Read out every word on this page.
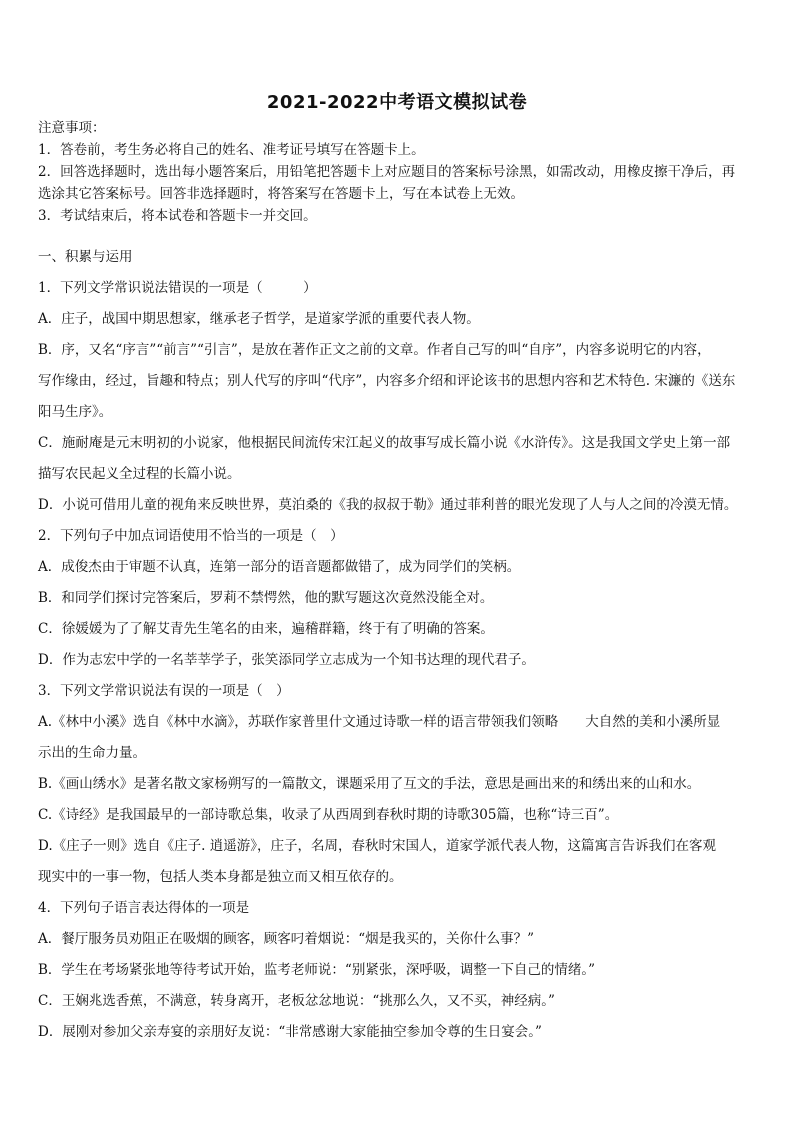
2021-2022中考语文模拟试卷
注意事项：
1．答卷前，考生务必将自己的姓名、准考证号填写在答题卡上。
2．回答选择题时，选出每小题答案后，用铅笔把答题卡上对应题目的答案标号涂黑，如需改动，用橡皮擦干净后，再
选涂其它答案标号。回答非选择题时，将答案写在答题卡上，写在本试卷上无效。
3．考试结束后，将本试卷和答题卡一并交回。
一、积累与运用
1．下列文学常识说法错误的一项是（　　　）
A．庄子，战国中期思想家，继承老子哲学，是道家学派的重要代表人物。
B．序，又名“序言”“前言”“引言”，是放在著作正文之前的文章。作者自己写的叫“自序”，内容多说明它的内容，
写作缘由，经过，旨趣和特点；别人代写的序叫“代序”，内容多介绍和评论该书的思想内容和艺术特色. 宋濂的《送东
阳马生序》。
C．施耐庵是元末明初的小说家，他根据民间流传宋江起义的故事写成长篇小说《水浒传》。这是我国文学史上第一部
描写农民起义全过程的长篇小说。
D．小说可借用儿童的视角来反映世界，莫泊桑的《我的叔叔于勒》通过菲利普的眼光发现了人与人之间的冷漠无情。
2．下列句子中加点词语使用不恰当的一项是（　）
A．成俊杰由于审题不认真，连第一部分的语音题都做错了，成为同学们的笑柄。
B．和同学们探讨完答案后，罗莉不禁愕然，他的默写题这次竟然没能全对。
C．徐媛媛为了了解艾青先生笔名的由来，遍稽群籍，终于有了明确的答案。
D．作为志宏中学的一名莘莘学子，张笑添同学立志成为一个知书达理的现代君子。
3．下列文学常识说法有误的一项是（　）
A.《林中小溪》选自《林中水滴》，苏联作家普里什文通过诗歌一样的语言带领我们领略　　大自然的美和小溪所显
示出的生命力量。
B.《画山绣水》是著名散文家杨朔写的一篇散文，课题采用了互文的手法，意思是画出来的和绣出来的山和水。
C.《诗经》是我国最早的一部诗歌总集，收录了从西周到春秋时期的诗歌305篇，也称“诗三百”。
D.《庄子一则》选自《庄子. 逍遥游》，庄子，名周，春秋时宋国人，道家学派代表人物，这篇寓言告诉我们在客观
现实中的一事一物，包括人类本身都是独立而又相互依存的。
4．下列句子语言表达得体的一项是
A．餐厅服务员劝阻正在吸烟的顾客，顾客叼着烟说：“烟是我买的，关你什么事？”
B．学生在考场紧张地等待考试开始，监考老师说：“别紧张，深呼吸，调整一下自己的情绪。”
C．王娴兆选香蕉，不满意，转身离开，老板忿忿地说：“挑那么久，又不买，神经病。”
D．展刚对参加父亲寿宴的亲朋好友说：“非常感谢大家能抽空参加令尊的生日宴会。”
